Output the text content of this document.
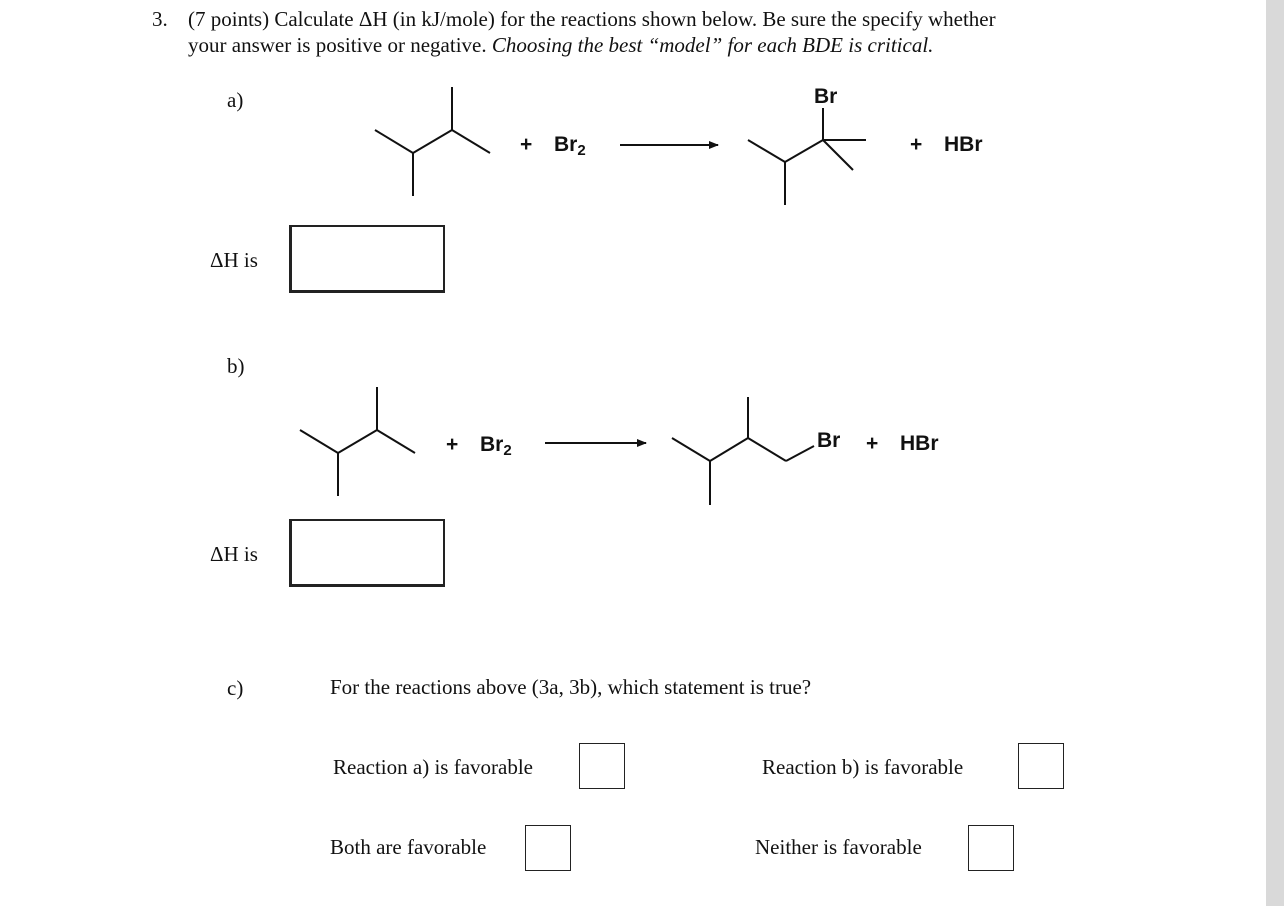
3. (7 points) Calculate ΔH (in kJ/mole) for the reactions shown below. Be sure the specify whether
your answer is positive or negative. Choosing the best “model” for each BDE is critical.
a)
+ $Br_2$
Br
+ HBr
ΔH is
b)
+ $Br_2$	Br + HBr
ΔH is
c)	For the reactions above (3a, 3b), which statement is true?
Reaction a) is favorable	Reaction b) is favorable
Both are favorable	Neither is favorable
